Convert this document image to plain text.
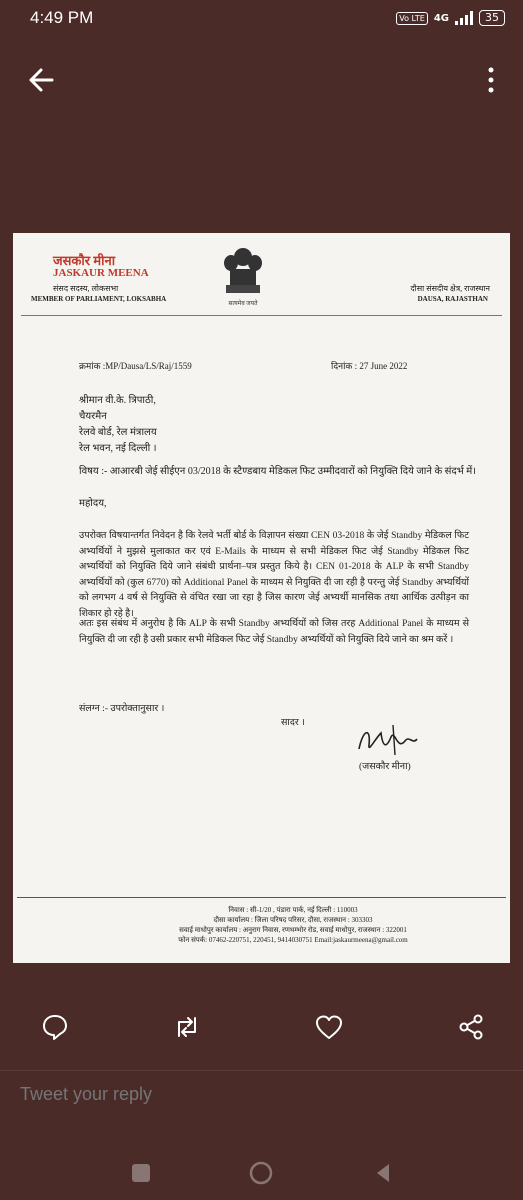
4:49 PM	Vo LTE 4G	35
जसकौर मीना
JASKAUR MEENA
संसद सदस्य, लोकसभा
MEMBER OF PARLIAMENT, LOKSABHA
सत्यमेव जयते
दौसा संसदीय क्षेत्र, राजस्थान
DAUSA, RAJASTHAN
क्रमांक :MP/Dausa/LS/Raj/1559	दिनांक : 27 June 2022
श्रीमान वी.के. त्रिपाठी,
चैयरमैन
रेलवे बोर्ड, रेल मंत्रालय
रेल भवन, नई दिल्ली ।
विषय :- आआरबी जेई सीईएन 03/2018 के स्टैण्डबाय मेडिकल फिट उम्मीदवारों को नियुक्ति दिये जाने के संदर्भ में।
महोदय,
उपरोक्त विषयान्तर्गत निवेदन है कि रेलवे भर्ती बोर्ड के विज्ञापन संख्या CEN 03-2018 के जेई Standby मेडिकल फिट अभ्यर्थियों ने मुझसे मुलाकात कर एवं E-Mails के माध्यम से सभी मेडिकल फिट जेई Standby मेडिकल फिट अभ्यर्थियों को नियुक्ति दिये जाने संबंधी प्रार्थना–पत्र प्रस्तुत किये है। CEN 01-2018 के ALP के सभी Standby अभ्यर्थियों को (कुल 6770) को Additional Panel के माध्यम से नियुक्ति दी जा रही है परन्तु जेई Standby अभ्यर्थियों को लगभग 4 वर्ष से नियुक्ति से वंचित रखा जा रहा है जिस कारण जेई अभ्यर्थी मानसिक तथा आर्थिक उत्पीड़न का शिकार हो रहे है।
अतः इस संबंध में अनुरोध है कि ALP के सभी Standby अभ्यर्थियों को जिस तरह Additional Panel के माध्यम से नियुक्ति दी जा रही है उसी प्रकार सभी मेडिकल फिट जेई Standby अभ्यर्थियों को नियुक्ति दिये जाने का श्रम करें ।
संलग्न :- उपरोक्तानुसार ।
सादर ।
(जसकौर मीना)
निवास : सी-1/20 , पंडारा पार्क, नई दिल्ली : 110003
दौसा कार्यालय : जिला परिषद परिसर, दौसा, राजस्थान : 303303
सवाई माधोपुर कार्यालय : अनुराग निवास, रणथम्भोर रोड, सवाई माधोपुर, राजस्थान : 322001
फोन संपर्क: 07462-220751, 220451, 9414030751 Email:jaskaurmeena@gmail.com
Tweet your reply
